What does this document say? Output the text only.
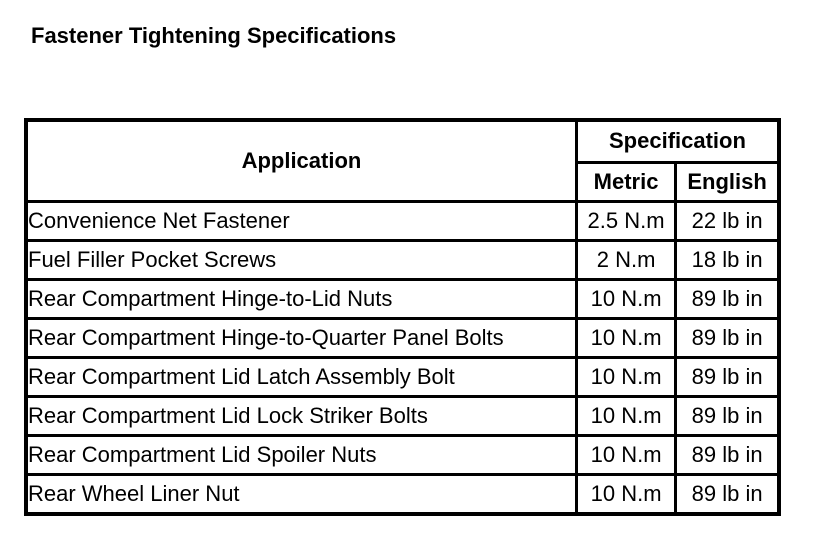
Fastener Tightening Specifications
Application	Specification	
	Metric	English
Convenience Net Fastener	2.5 N.m	22 lb in
Fuel Filler Pocket Screws	2 N.m	18 lb in
Rear Compartment Hinge-to-Lid Nuts	10 N.m	89 lb in
Rear Compartment Hinge-to-Quarter Panel Bolts	10 N.m	89 lb in
Rear Compartment Lid Latch Assembly Bolt	10 N.m	89 lb in
Rear Compartment Lid Lock Striker Bolts	10 N.m	89 lb in
Rear Compartment Lid Spoiler Nuts	10 N.m	89 lb in
Rear Wheel Liner Nut	10 N.m	89 lb in
